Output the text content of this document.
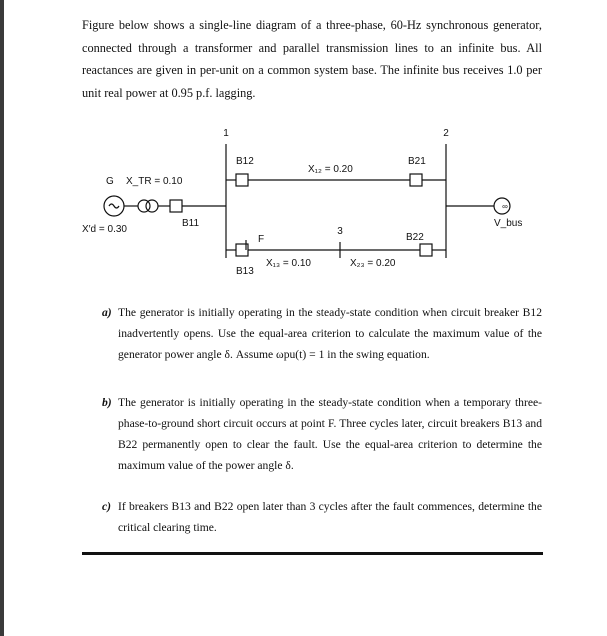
Figure below shows a single-line diagram of a three-phase, 60-Hz synchronous generator, connected through a transformer and parallel transmission lines to an infinite bus. All reactances are given in per-unit on a common system base. The infinite bus receives 1.0 per unit real power at 0.95 p.f. lagging.

∞
1	2
B12	B21
X₁₂ = 0.20
G X_TR = 0.10
X′d = 0.30
B11
3
B22
F
X₁₃ = 0.10	X₂₃ = 0.20
B13
V_bus

a) The generator is initially operating in the steady-state condition when circuit breaker B12 inadvertently opens. Use the equal-area criterion to calculate the maximum value of the generator power angle δ. Assume ωpu(t) = 1 in the swing equation.

b) The generator is initially operating in the steady-state condition when a temporary three-phase-to-ground short circuit occurs at point F. Three cycles later, circuit breakers B13 and B22 permanently open to clear the fault. Use the equal-area criterion to determine the maximum value of the power angle δ.

c) If breakers B13 and B22 open later than 3 cycles after the fault commences, determine the critical clearing time.
